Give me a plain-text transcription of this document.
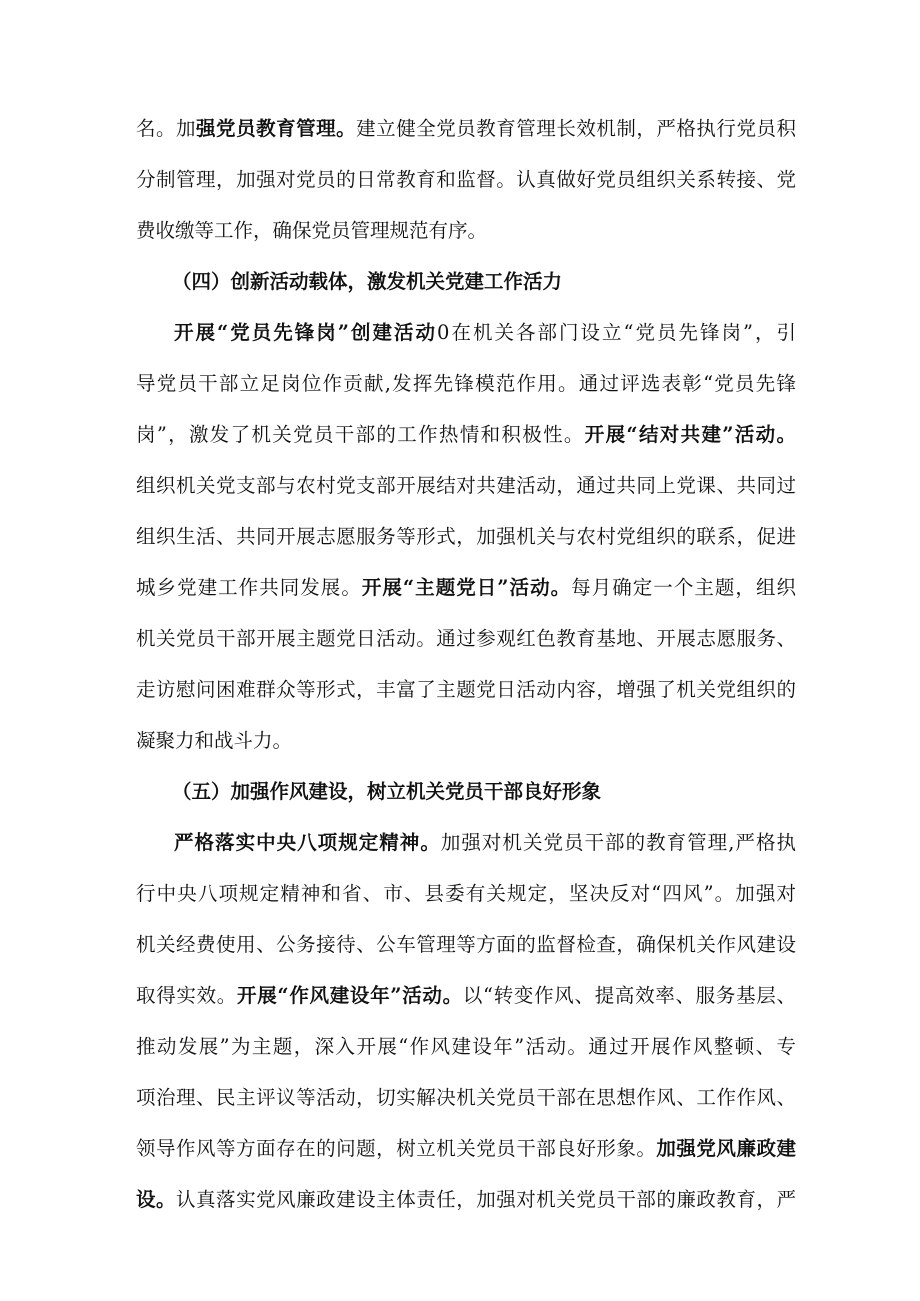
名。加强党员教育管理。建立健全党员教育管理长效机制，严格执行党员积
分制管理，加强对党员的日常教育和监督。认真做好党员组织关系转接、党
费收缴等工作，确保党员管理规范有序。
（四）创新活动载体，激发机关党建工作活力
开展“党员先锋岗”创建活动0在机关各部门设立“党员先锋岗”，引
导党员干部立足岗位作贡献,发挥先锋模范作用。通过评选表彰“党员先锋
岗”，激发了机关党员干部的工作热情和积极性。开展“结对共建”活动。
组织机关党支部与农村党支部开展结对共建活动，通过共同上党课、共同过
组织生活、共同开展志愿服务等形式，加强机关与农村党组织的联系，促进
城乡党建工作共同发展。开展“主题党日”活动。每月确定一个主题，组织
机关党员干部开展主题党日活动。通过参观红色教育基地、开展志愿服务、
走访慰问困难群众等形式，丰富了主题党日活动内容，增强了机关党组织的
凝聚力和战斗力。
（五）加强作风建设，树立机关党员干部良好形象
严格落实中央八项规定精神。加强对机关党员干部的教育管理,严格执
行中央八项规定精神和省、市、县委有关规定，坚决反对“四风”。加强对
机关经费使用、公务接待、公车管理等方面的监督检查，确保机关作风建设
取得实效。开展“作风建设年”活动。以“转变作风、提高效率、服务基层、
推动发展”为主题，深入开展“作风建设年”活动。通过开展作风整顿、专
项治理、民主评议等活动，切实解决机关党员干部在思想作风、工作作风、
领导作风等方面存在的问题，树立机关党员干部良好形象。加强党风廉政建
设。认真落实党风廉政建设主体责任，加强对机关党员干部的廉政教育，严
